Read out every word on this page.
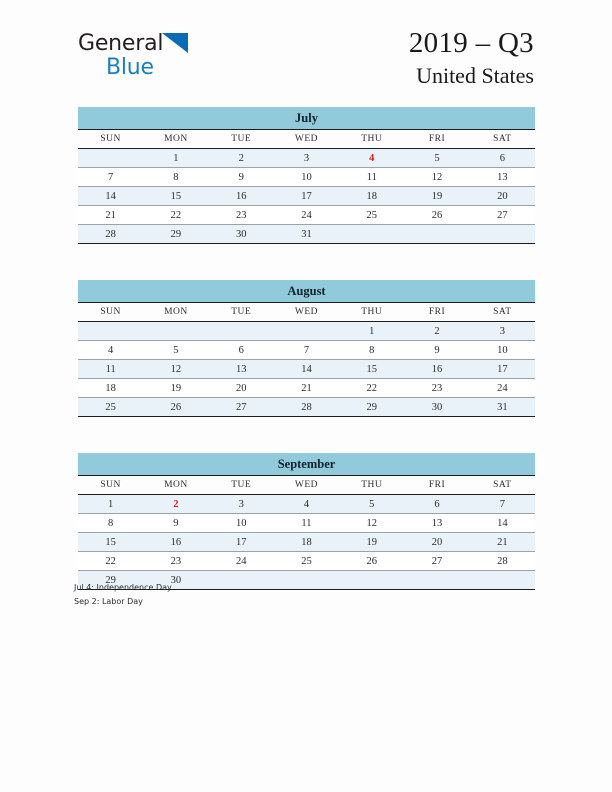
General
Blue
2019 – Q3
United States
July
SUN	MON	TUE	WED	THU	FRI	SAT
	1	2	3	4	5	6
7	8	9	10	11	12	13
14	15	16	17	18	19	20
21	22	23	24	25	26	27
28	29	30	31			
August
SUN	MON	TUE	WED	THU	FRI	SAT
				1	2	3
4	5	6	7	8	9	10
11	12	13	14	15	16	17
18	19	20	21	22	23	24
25	26	27	28	29	30	31
September
SUN	MON	TUE	WED	THU	FRI	SAT
1	2	3	4	5	6	7
8	9	10	11	12	13	14
15	16	17	18	19	20	21
22	23	24	25	26	27	28
29	30					
Jul 4: Independence Day
Sep 2: Labor Day
